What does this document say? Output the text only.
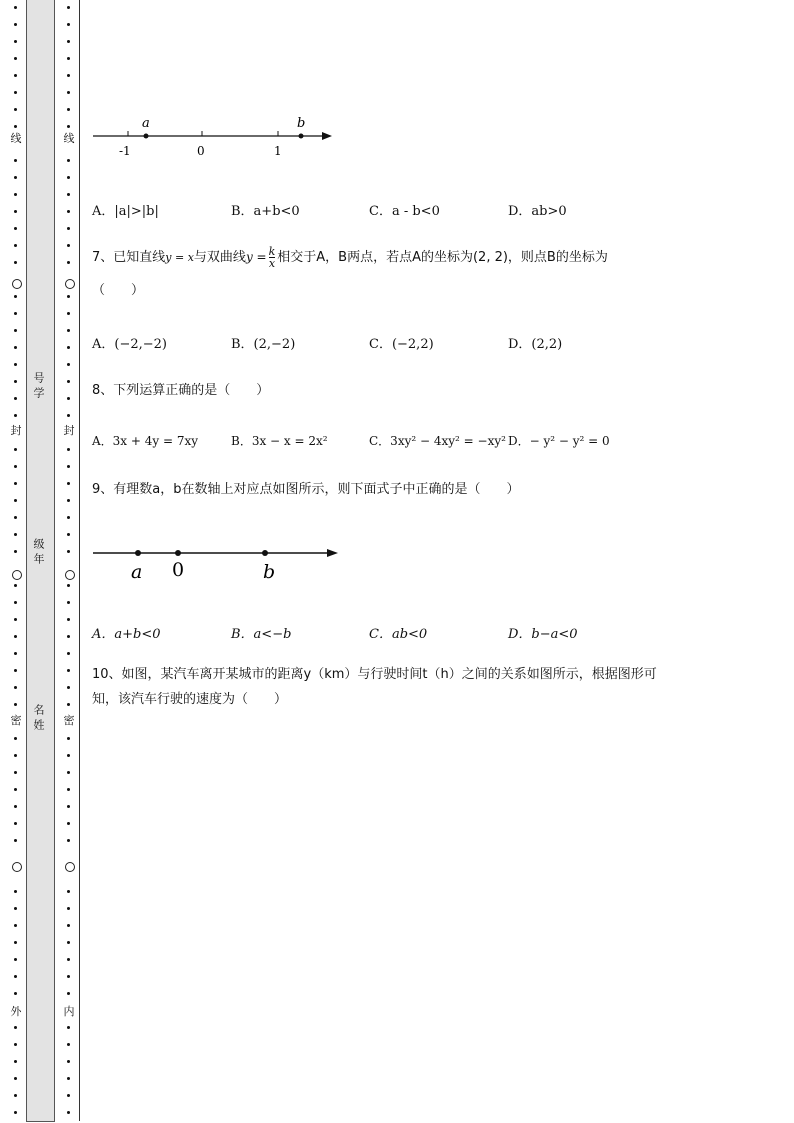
线
封
密
外
线
封
密
内
号学
级年
名姓
a	b
-1	0	1
A．|a|>|b|	B．a+b<0	C．a - b<0	D．ab>0
7、已知直线y = x与双曲线$y = \frac{k}{x}$ 相交于A，B两点，若点A的坐标为(2, 2)，则点B的坐标为
（　　）
A．(−2,−2)	B．(2,−2)	C．(−2,2)	D．(2,2)
8、下列运算正确的是（　　）
A．3x + 4y = 7xy	B．3x − x = 2x²	C．3xy² − 4xy² = −xy² D．− y² − y² = 0
9、有理数a，b在数轴上对应点如图所示，则下面式子中正确的是（　　）
a 0	b
A．a+b<0	B．a<−b	C．ab<0	D．b−a<0
10、如图，某汽车离开某城市的距离y（km）与行驶时间t（h）之间的关系如图所示，根据图形可
知，该汽车行驶的速度为（　　）
